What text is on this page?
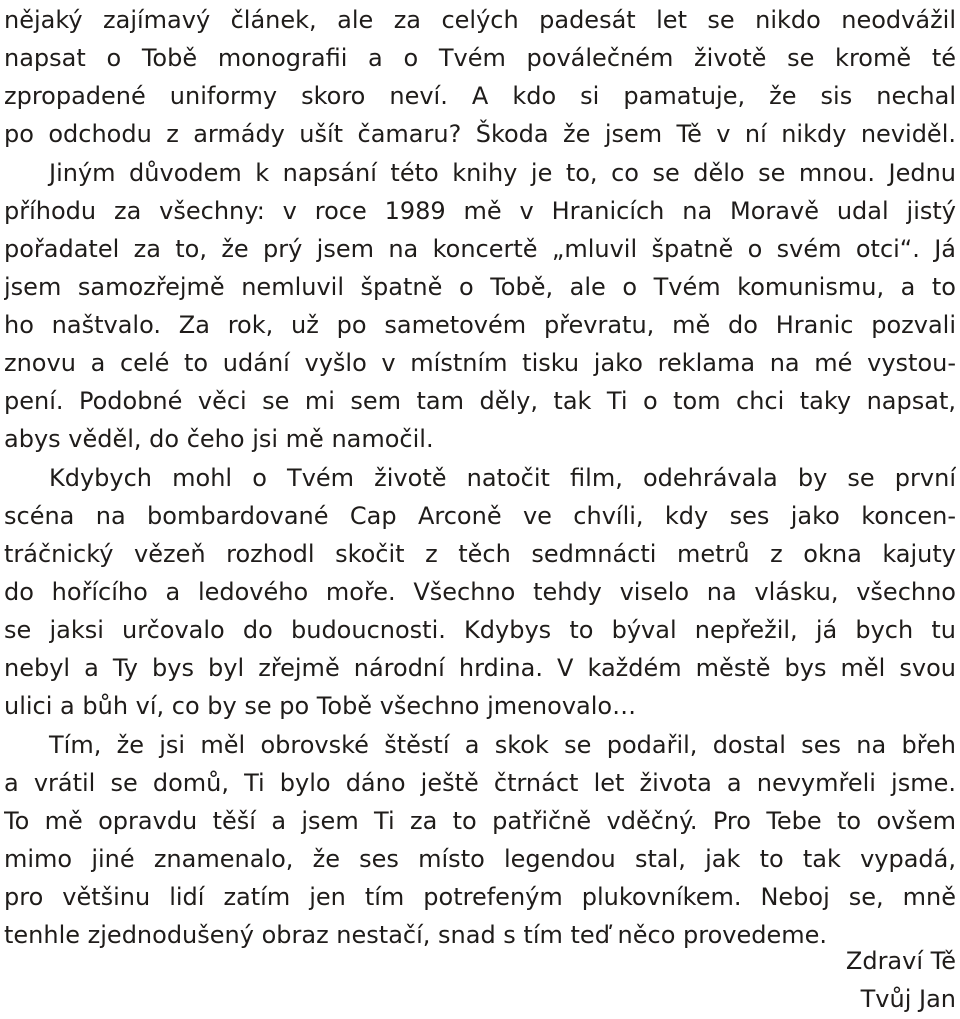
nějaký zajímavý článek, ale za celých padesát let se nikdo neodvážil
napsat o Tobě monografii a o Tvém poválečném životě se kromě té
zpropadené uniformy skoro neví. A kdo si pamatuje, že sis nechal
po odchodu z armády ušít čamaru? Škoda že jsem Tě v ní nikdy neviděl.
Jiným důvodem k napsání této knihy je to, co se dělo se mnou. Jednu
příhodu za všechny: v roce 1989 mě v Hranicích na Moravě udal jistý
pořadatel za to, že prý jsem na koncertě „mluvil špatně o svém otci“. Já
jsem samozřejmě nemluvil špatně o Tobě, ale o Tvém komunismu, a to
ho naštvalo. Za rok, už po sametovém převratu, mě do Hranic pozvali
znovu a celé to udání vyšlo v místním tisku jako reklama na mé vystou-
pení. Podobné věci se mi sem tam děly, tak Ti o tom chci taky napsat,
abys věděl, do čeho jsi mě namočil.
Kdybych mohl o Tvém životě natočit film, odehrávala by se první
scéna na bombardované Cap Arconě ve chvíli, kdy ses jako koncen-
tráčnický vězeň rozhodl skočit z těch sedmnácti metrů z okna kajuty
do hořícího a ledového moře. Všechno tehdy viselo na vlásku, všechno
se jaksi určovalo do budoucnosti. Kdybys to býval nepřežil, já bych tu
nebyl a Ty bys byl zřejmě národní hrdina. V každém městě bys měl svou
ulici a bůh ví, co by se po Tobě všechno jmenovalo…
Tím, že jsi měl obrovské štěstí a skok se podařil, dostal ses na břeh
a vrátil se domů, Ti bylo dáno ještě čtrnáct let života a nevymřeli jsme.
To mě opravdu těší a jsem Ti za to patřičně vděčný. Pro Tebe to ovšem
mimo jiné znamenalo, že ses místo legendou stal, jak to tak vypadá,
pro většinu lidí zatím jen tím potrefeným plukovníkem. Neboj se, mně
tenhle zjednodušený obraz nestačí, snad s tím teď něco provedeme.
Zdraví Tě
Tvůj Jan
